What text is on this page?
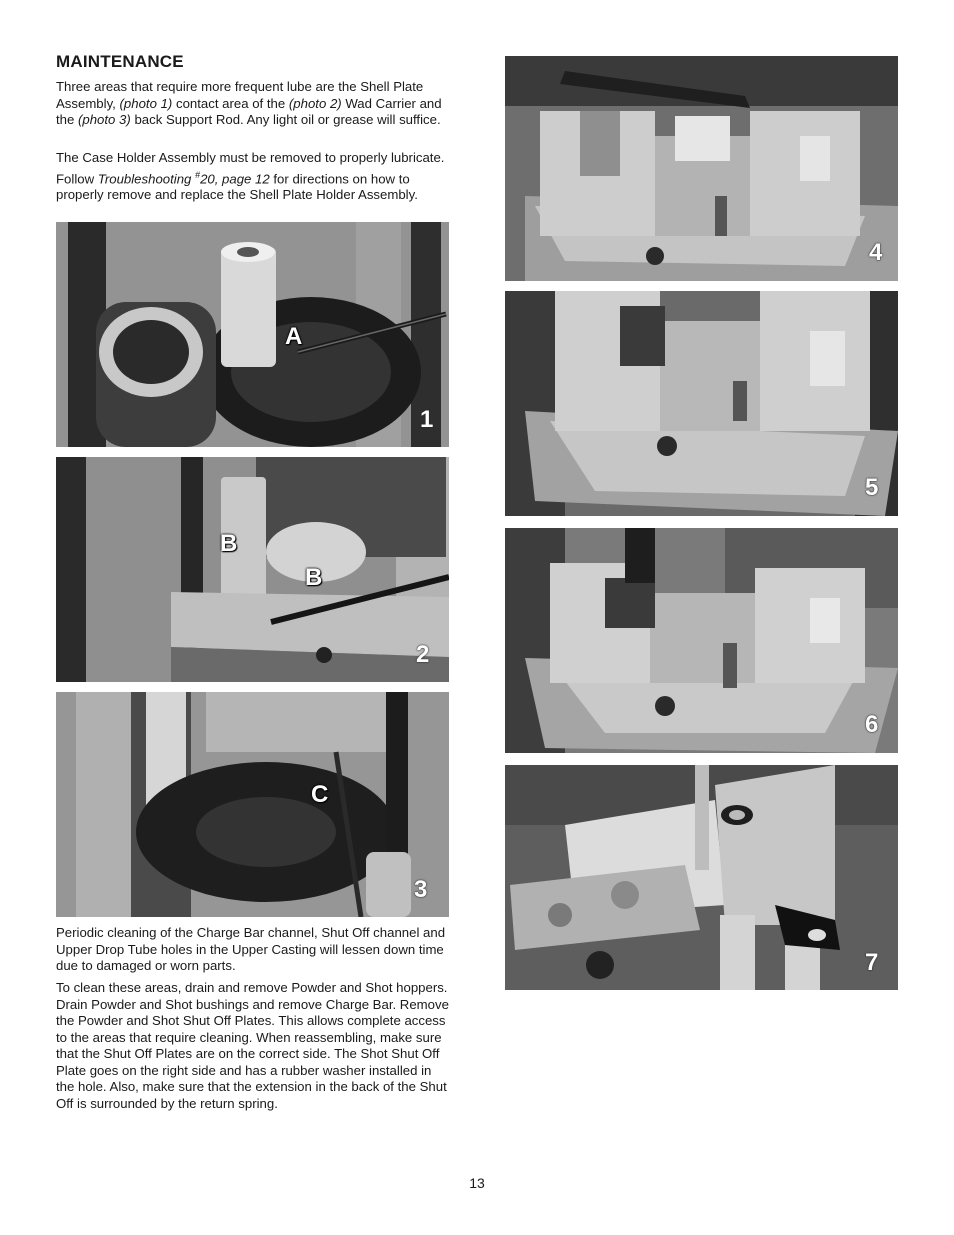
MAINTENANCE

Three areas that require more frequent lube are the Shell Plate Assembly, (photo 1) contact area of the (photo 2) Wad Carrier and the (photo 3) back Support Rod. Any light oil or grease will suffice.

The Case Holder Assembly must be removed to properly lubricate. Follow Troubleshooting #20, page 12 for directions on how to properly remove and replace the Shell Plate Holder Assembly.

A
1
B
B
2
C
3

Periodic cleaning of the Charge Bar channel, Shut Off channel and Upper Drop Tube holes in the Upper Casting will lessen down time due to damaged or worn parts.

To clean these areas, drain and remove Powder and Shot hoppers. Drain Powder and Shot bushings and remove Charge Bar. Remove the Powder and Shot Shut Off Plates. This allows complete access to the areas that require cleaning. When reassembling, make sure that the Shut Off Plates are on the correct side. The Shot Shut Off Plate goes on the right side and has a rubber washer installed in the hole. Also, make sure that the extension in the back of the Shut Off is surrounded by the return spring.

4
5
6
7
13
